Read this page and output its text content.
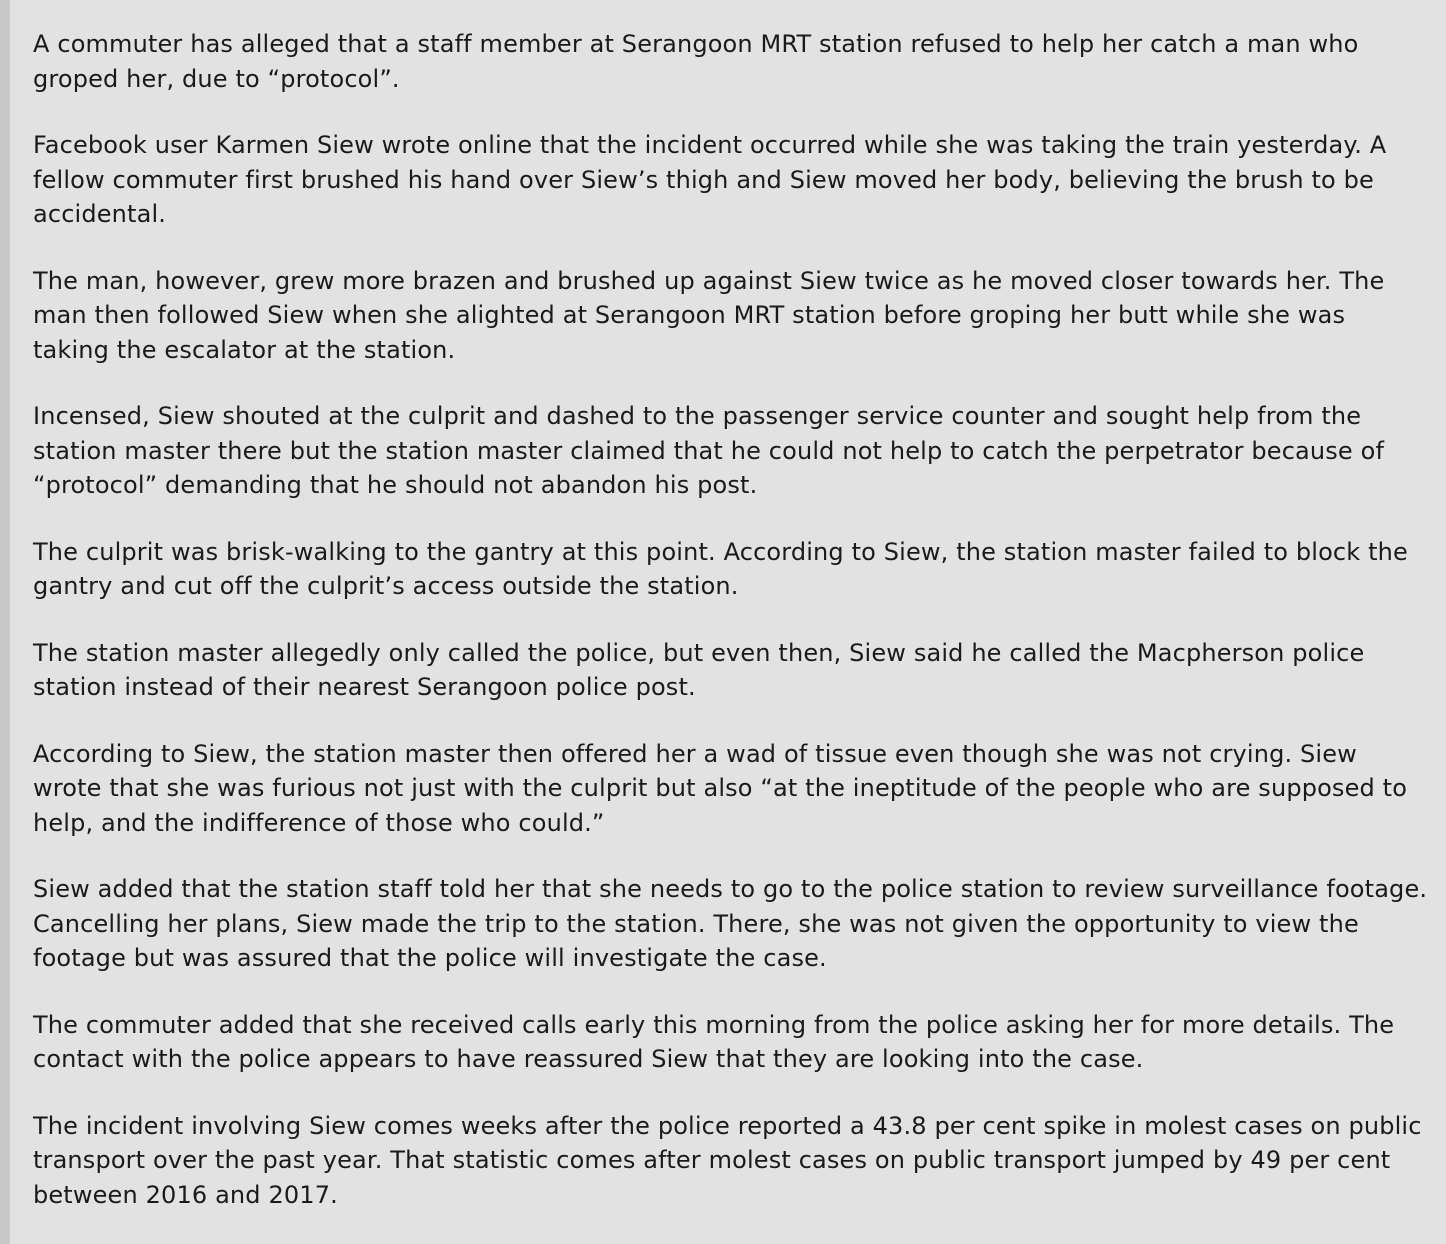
A commuter has alleged that a staff member at Serangoon MRT station refused to help her catch a man who groped her, due to “protocol”.

Facebook user Karmen Siew wrote online that the incident occurred while she was taking the train yesterday. A fellow commuter first brushed his hand over Siew’s thigh and Siew moved her body, believing the brush to be accidental.

The man, however, grew more brazen and brushed up against Siew twice as he moved closer towards her. The man then followed Siew when she alighted at Serangoon MRT station before groping her butt while she was taking the escalator at the station.

Incensed, Siew shouted at the culprit and dashed to the passenger service counter and sought help from the station master there but the station master claimed that he could not help to catch the perpetrator because of “protocol” demanding that he should not abandon his post.

The culprit was brisk-walking to the gantry at this point. According to Siew, the station master failed to block the gantry and cut off the culprit’s access outside the station.

The station master allegedly only called the police, but even then, Siew said he called the Macpherson police station instead of their nearest Serangoon police post.

According to Siew, the station master then offered her a wad of tissue even though she was not crying. Siew wrote that she was furious not just with the culprit but also “at the ineptitude of the people who are supposed to help, and the indifference of those who could.”

Siew added that the station staff told her that she needs to go to the police station to review surveillance footage. Cancelling her plans, Siew made the trip to the station. There, she was not given the opportunity to view the footage but was assured that the police will investigate the case.

The commuter added that she received calls early this morning from the police asking her for more details. The contact with the police appears to have reassured Siew that they are looking into the case.

The incident involving Siew comes weeks after the police reported a 43.8 per cent spike in molest cases on public transport over the past year. That statistic comes after molest cases on public transport jumped by 49 per cent between 2016 and 2017.
